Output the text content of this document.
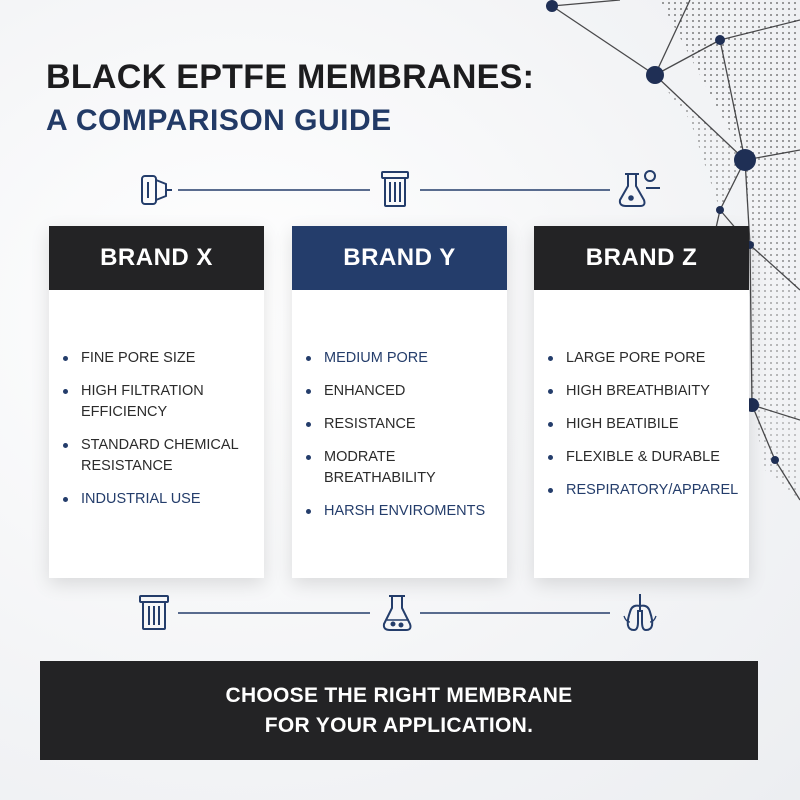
BLACK EPTFE MEMBRANES:
A COMPARISON GUIDE
BRAND X
FINE PORE SIZE
HIGH FILTRATION EFFICIENCY
STANDARD CHEMICAL RESISTANCE
INDUSTRIAL USE
BRAND Y
MEDIUM PORE
ENHANCED
RESISTANCE
MODRATE BREATHABILITY
HARSH ENVIROMENTS
BRAND Z
LARGE PORE PORE
HIGH BREATHBIAITY
HIGH BEATIBILE
FLEXIBLE & DURABLE
RESPIRATORY/APPAREL
CHOOSE THE RIGHT MEMBRANE
FOR YOUR APPLICATION.
